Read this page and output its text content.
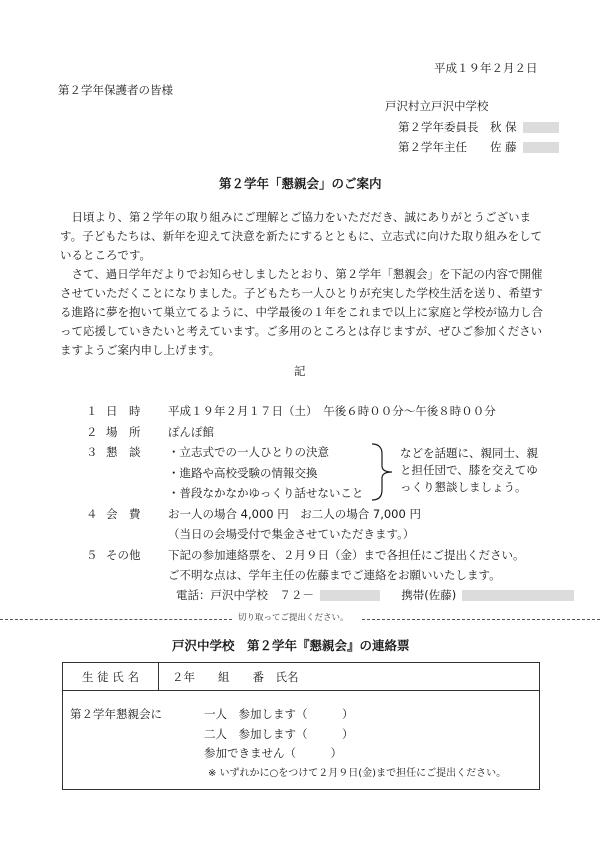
平成１９年２月２日
第２学年保護者の皆様
戸沢村立戸沢中学校
第２学年委員長　秋 保
第２学年主任　　佐 藤
第２学年「懇親会」のご案内
　日頃より、第２学年の取り組みにご理解とご協力をいただだき、誠にありがとうございます。子どもたちは、新年を迎えて決意を新たにするとともに、立志式に向けた取り組みをしているところです。
　さて、過日学年だよりでお知らせしましたとおり、第２学年「懇親会」を下記の内容で開催させていただくことになりました。子どもたち一人ひとりが充実した学校生活を送り、希望する進路に夢を抱いて巣立てるように、中学最後の１年をこれまで以上に家庭と学校が協力し合って応援していきたいと考えています。ご多用のところとは存じますが、ぜひご参加くださいますようご案内申し上げます。
記
１ 日　時 平成１９年２月１７日（土）　午後６時００分～午後８時００分
２ 場　所 ぽんぽ館
３ 懇　談 ・立志式での一人ひとりの決意
・進路や高校受験の情報交換
・普段なかなかゆっくり話せないこと
などを話題に、親同士、親
と担任団で、膝を交えてゆ
っくり懇談しましょう。
４ 会　費 お一人の場合 4,000 円　お二人の場合 7,000 円
（当日の会場受付で集金させていただきます。）
５ その他 下記の参加連絡票を、２月９日（金）まで各担任にご提出ください。
ご不明な点は、学年主任の佐藤までご連絡をお願いいたします。
電話：戸沢中学校　７２－	携帯(佐藤)
切り取ってご提出ください。
戸沢中学校　第２学年『懇親会』の連絡票
生 徒 氏 名	２年　　組　　番　氏名
第２学年懇親会に	一人　参加します（　　　）
二人　参加します（　　　）
参加できません（　　　）
※ いずれかに○をつけて２月９日(金)まで担任にご提出ください。
